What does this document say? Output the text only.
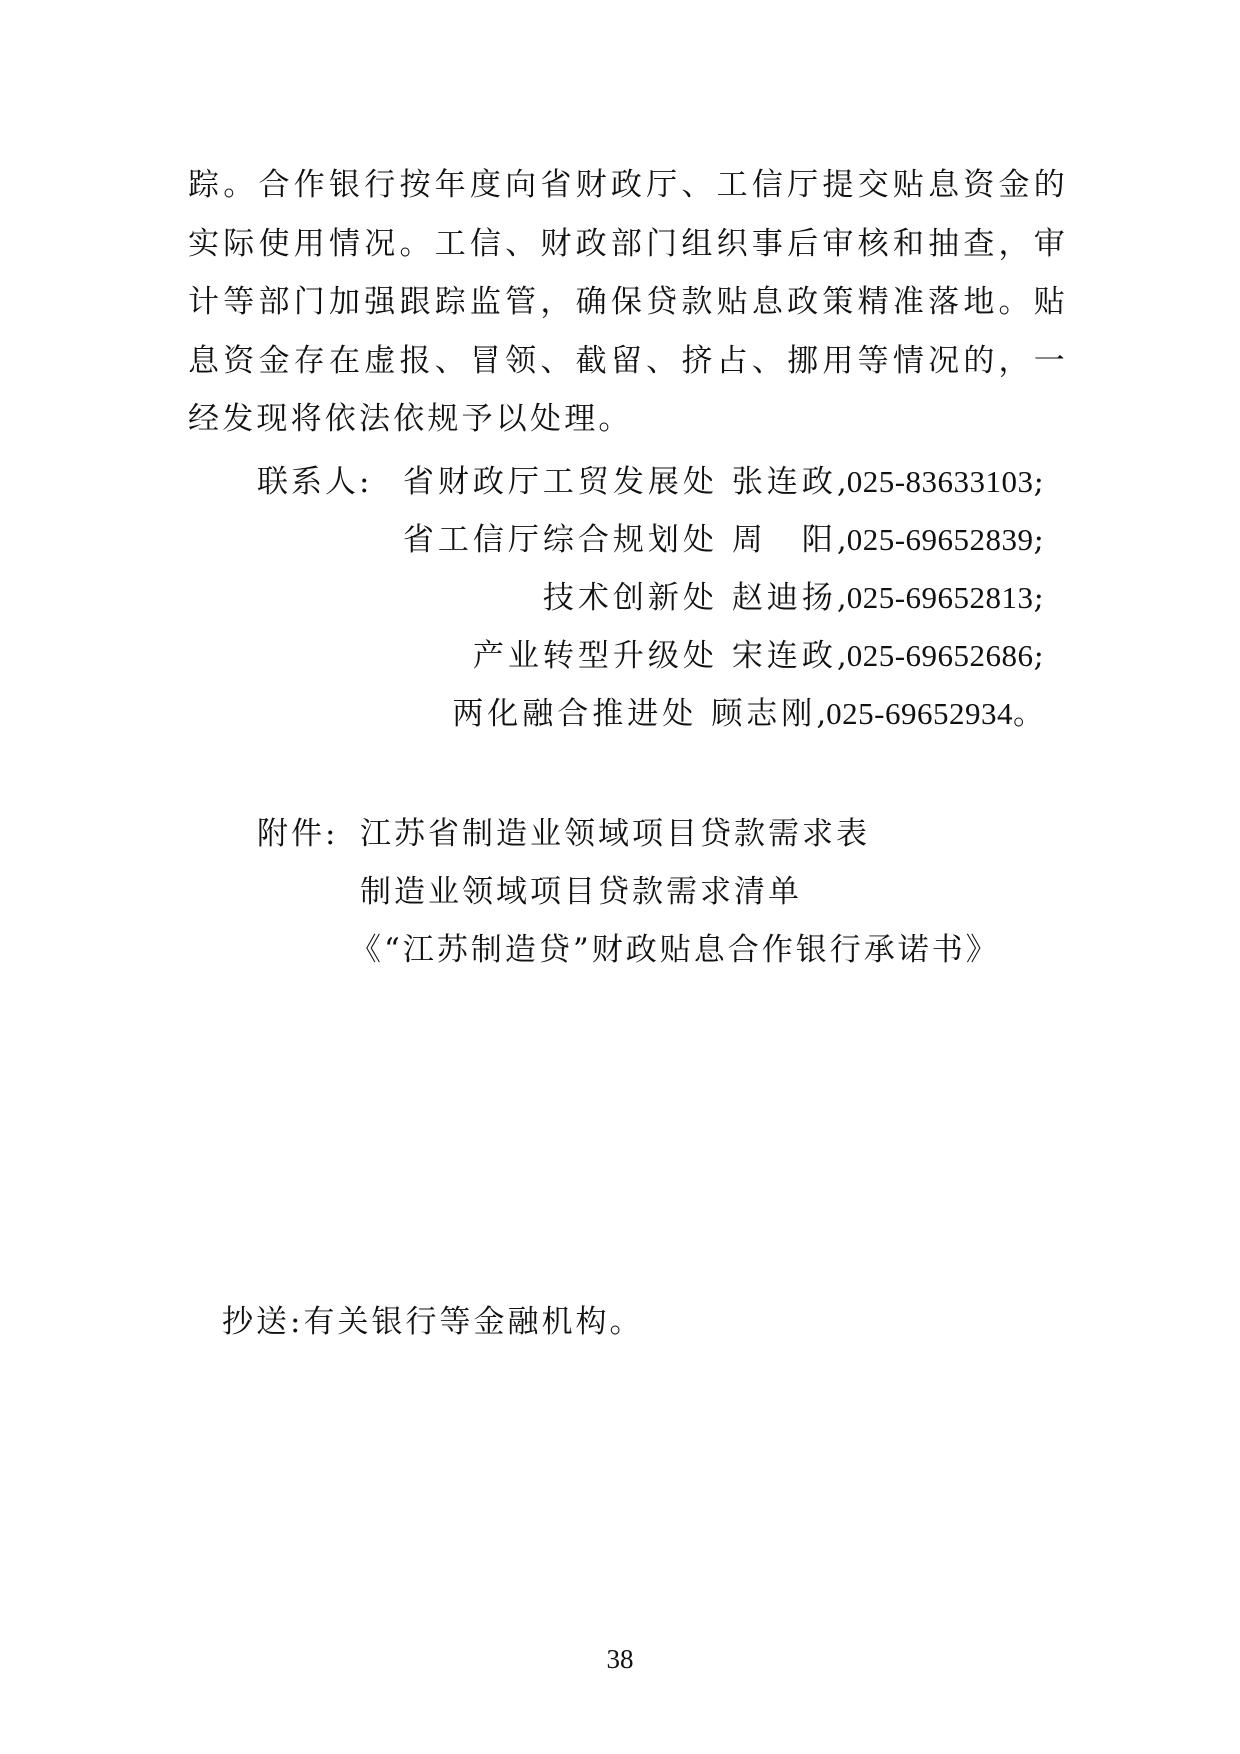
踪。合作银行按年度向省财政厅、工信厅提交贴息资金的实际使用情况。工信、财政部门组织事后审核和抽查，审计等部门加强跟踪监管，确保贷款贴息政策精准落地。贴息资金存在虚报、冒领、截留、挤占、挪用等情况的，一经发现将依法依规予以处理。

联系人: 省财政厅工贸发展处 张连政,025-83633103;
省工信厅综合规划处 周　阳,025-69652839;
技术创新处 赵迪扬,025-69652813;
产业转型升级处 宋连政,025-69652686;
两化融合推进处 顾志刚,025-69652934。
附件: 江苏省制造业领域项目贷款需求表
制造业领域项目贷款需求清单
《“江苏制造贷”财政贴息合作银行承诺书》
抄送:有关银行等金融机构。
38
